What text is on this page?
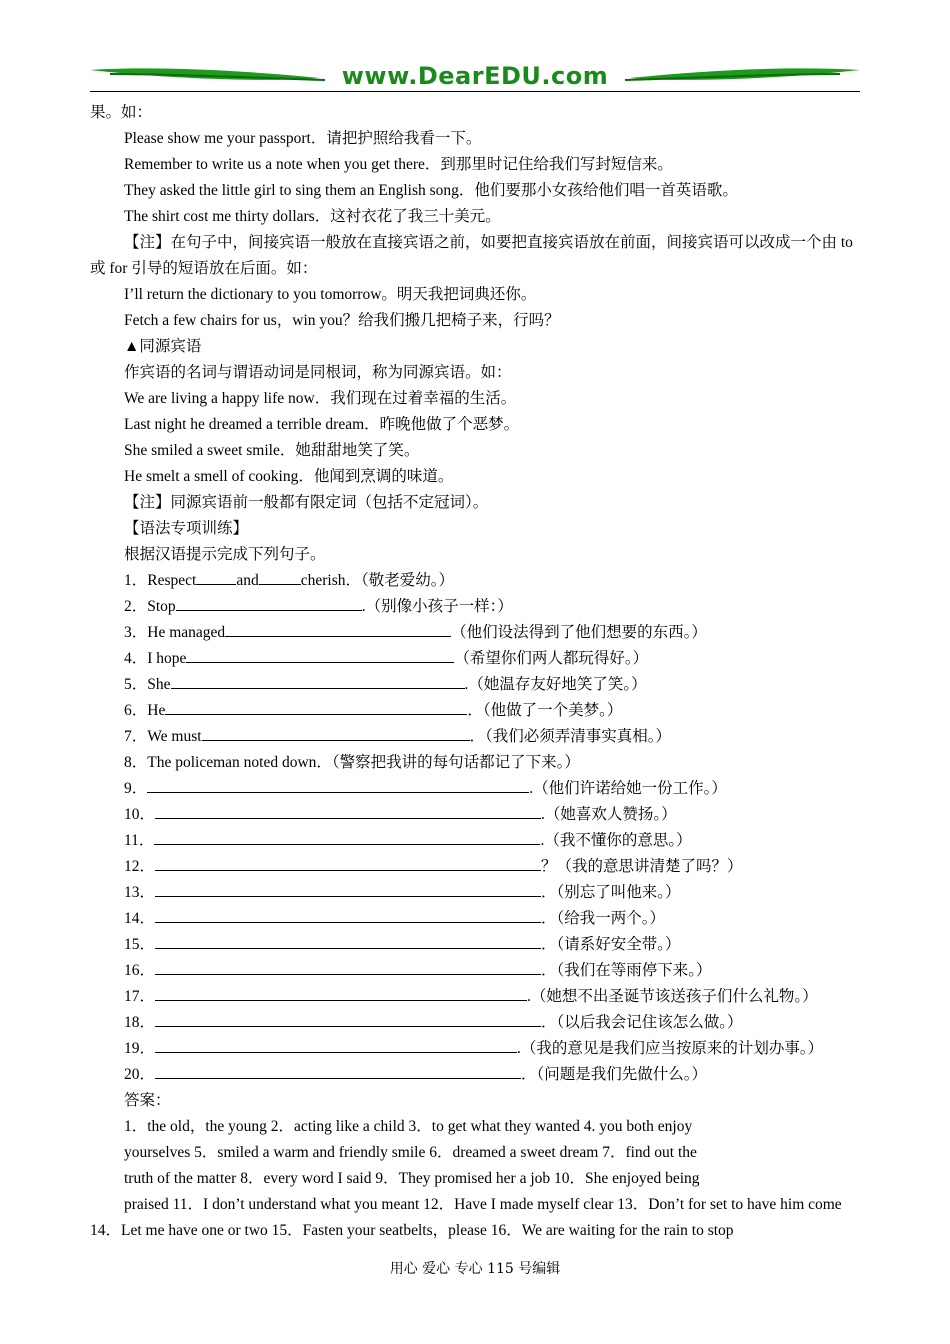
www.DearEDU.com
果。如：
Please show me your passport．请把护照给我看一下。
Remember to write us a note when you get there．到那里时记住给我们写封短信来。
They asked the little girl to sing them an English song．他们要那小女孩给他们唱一首英语歌。
The shirt cost me thirty dollars．这衬衣花了我三十美元。
【注】在句子中，间接宾语一般放在直接宾语之前，如要把直接宾语放在前面，间接宾语可以改成一个由 to 或 for 引导的短语放在后面。如：
I’ll return the dictionary to you tomorrow。明天我把词典还你。
Fetch a few chairs for us，win you？给我们搬几把椅子来，行吗？
▲同源宾语
作宾语的名词与谓语动词是同根词，称为同源宾语。如：
We are living a happy life now．我们现在过着幸福的生活。
Last night he dreamed a terrible dream．昨晚他做了个恶梦。
She smiled a sweet smile．她甜甜地笑了笑。
He smelt a smell of cooking．他闻到烹调的味道。
【注】同源宾语前一般都有限定词（包括不定冠词）。
【语法专项训练】
根据汉语提示完成下列句子。
1．Respect	and	cherish．（敬老爱幼。）
2．Stop	.（别像小孩子一样：）
3．He managed	（他们设法得到了他们想要的东西。）
4．I hope	（希望你们两人都玩得好。）
5．She	.（她温存友好地笑了笑。）
6．He	．（他做了一个美梦。）
7．We must	．（我们必须弄清事实真相。）
8．The policeman noted down．（警察把我讲的每句话都记了下来。）
9．	.（他们许诺给她一份工作。）
10．	.（她喜欢人赞扬。）
11．	.（我不懂你的意思。）
12．	？（我的意思讲清楚了吗？）
13．	．（别忘了叫他来。）
14．	．（给我一两个。）
15．	．（请系好安全带。）
16．	．（我们在等雨停下来。）
17．	.（她想不出圣诞节该送孩子们什么礼物。）
18．	．（以后我会记住该怎么做。）
19．	.（我的意见是我们应当按原来的计划办事。）
20．	．（问题是我们先做什么。）
答案：
1．the old，the young 2．acting like a child 3．to get what they wanted 4. you both enjoy
yourselves 5．smiled a warm and friendly smile 6．dreamed a sweet dream 7．find out the
truth of the matter 8．every word I said 9．They promised her a job 10．She enjoyed being
praised 11．I don’t understand what you meant 12．Have I made myself clear 13．Don’t for set to have him come 14．Let me have one or two 15．Fasten your seatbelts，please 16．We are waiting for the rain to stop
用心 爱心 专心 115 号编辑
